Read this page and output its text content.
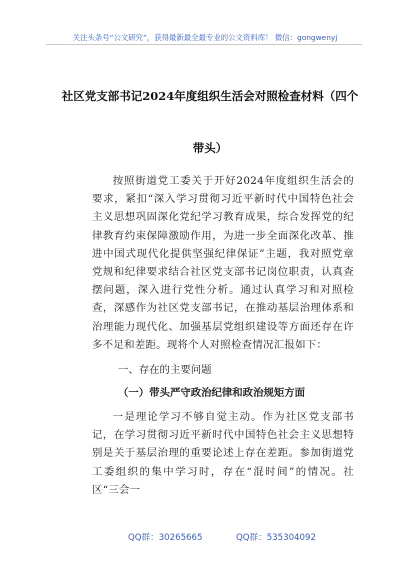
关注头条号“公文研究”，获得最新最全最专业的公文资料库！ 微信：gongwenyj
社区党支部书记2024年度组织生活会对照检查材料（四个
带头）
按照街道党工委关于开好2024年度组织生活会的要求，紧扣“深入学习贯彻习近平新时代中国特色社会主义思想巩固深化党纪学习教育成果，综合发挥党的纪律教育约束保障激励作用，为进一步全面深化改革、推进中国式现代化提供坚强纪律保证”主题，我对照党章党规和纪律要求结合社区党支部书记岗位职责，认真查摆问题，深入进行党性分析。通过认真学习和对照检查，深感作为社区党支部书记，在推动基层治理体系和治理能力现代化、加强基层党组织建设等方面还存在许多不足和差距。现将个人对照检查情况汇报如下：
一、存在的主要问题
（一）带头严守政治纪律和政治规矩方面
一是理论学习不够自觉主动。作为社区党支部书记，在学习贯彻习近平新时代中国特色社会主义思想特别是关于基层治理的重要论述上存在差距。参加街道党工委组织的集中学习时，存在“混时间”的情况。社区“三会一
QQ群：30265665	QQ群：535304092
